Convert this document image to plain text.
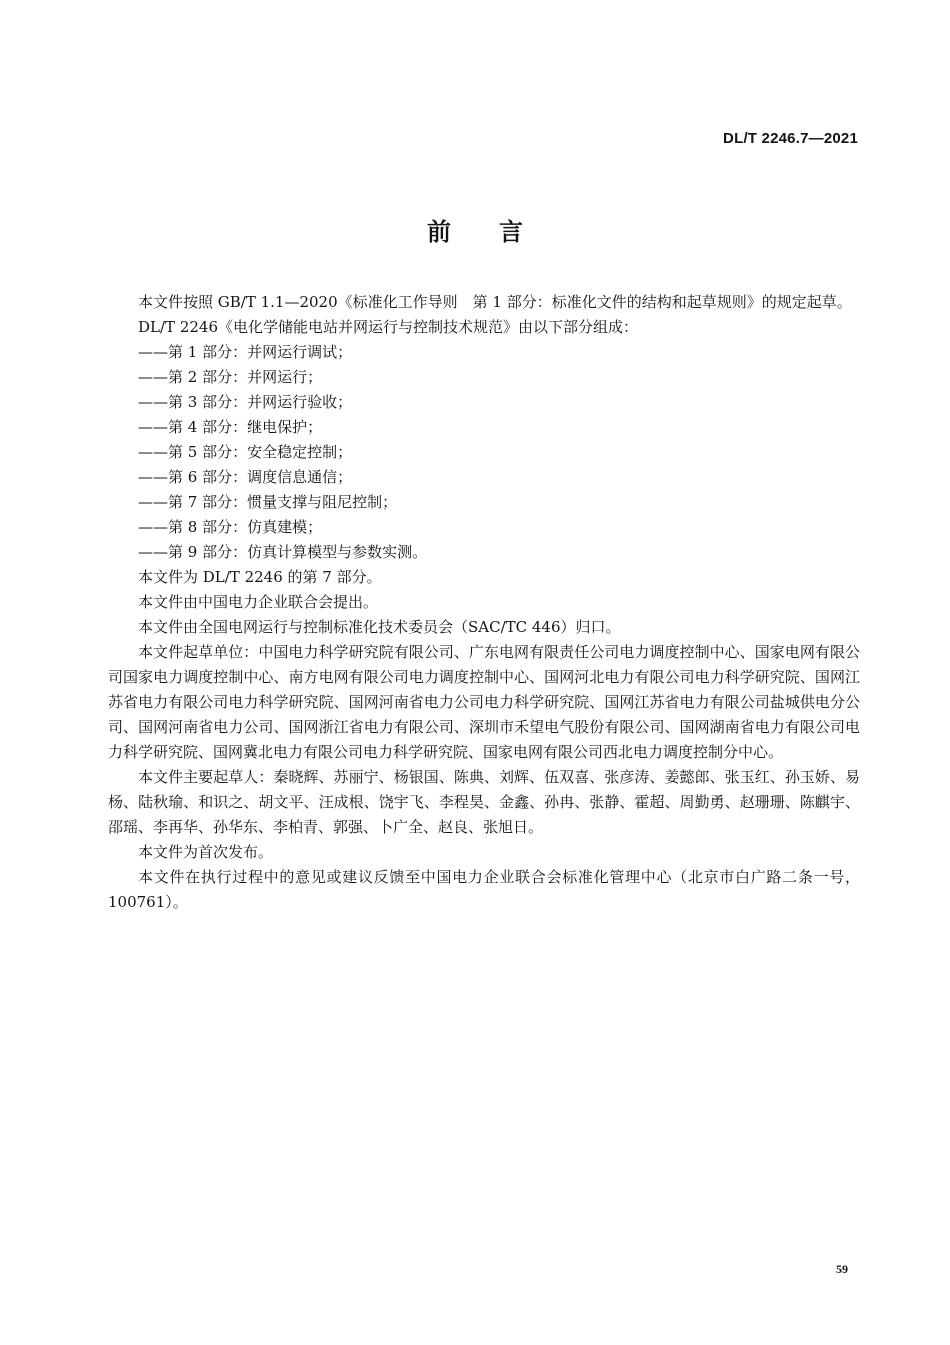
DL/T 2246.7—2021
前言

本文件按照 GB/T 1.1—2020《标准化工作导则　第 1 部分：标准化文件的结构和起草规则》的规定起草。

DL/T 2246《电化学储能电站并网运行与控制技术规范》由以下部分组成：

——第 1 部分：并网运行调试；
——第 2 部分：并网运行；
——第 3 部分：并网运行验收；
——第 4 部分：继电保护；
——第 5 部分：安全稳定控制；
——第 6 部分：调度信息通信；
——第 7 部分：惯量支撑与阻尼控制；
——第 8 部分：仿真建模；
——第 9 部分：仿真计算模型与参数实测。

本文件为 DL/T 2246 的第 7 部分。

本文件由中国电力企业联合会提出。

本文件由全国电网运行与控制标准化技术委员会（SAC/TC 446）归口。

本文件起草单位：中国电力科学研究院有限公司、广东电网有限责任公司电力调度控制中心、国家电网有限公司国家电力调度控制中心、南方电网有限公司电力调度控制中心、国网河北电力有限公司电力科学研究院、国网江苏省电力有限公司电力科学研究院、国网河南省电力公司电力科学研究院、国网江苏省电力有限公司盐城供电分公司、国网河南省电力公司、国网浙江省电力有限公司、深圳市禾望电气股份有限公司、国网湖南省电力有限公司电力科学研究院、国网冀北电力有限公司电力科学研究院、国家电网有限公司西北电力调度控制分中心。

本文件主要起草人：秦晓辉、苏丽宁、杨银国、陈典、刘辉、伍双喜、张彦涛、姜懿郎、张玉红、孙玉娇、易杨、陆秋瑜、和识之、胡文平、汪成根、饶宇飞、李程昊、金鑫、孙冉、张静、霍超、周勤勇、赵珊珊、陈麒宇、邵瑶、李再华、孙华东、李柏青、郭强、卜广全、赵良、张旭日。

本文件为首次发布。

本文件在执行过程中的意见或建议反馈至中国电力企业联合会标准化管理中心（北京市白广路二条一号，100761）。

59
